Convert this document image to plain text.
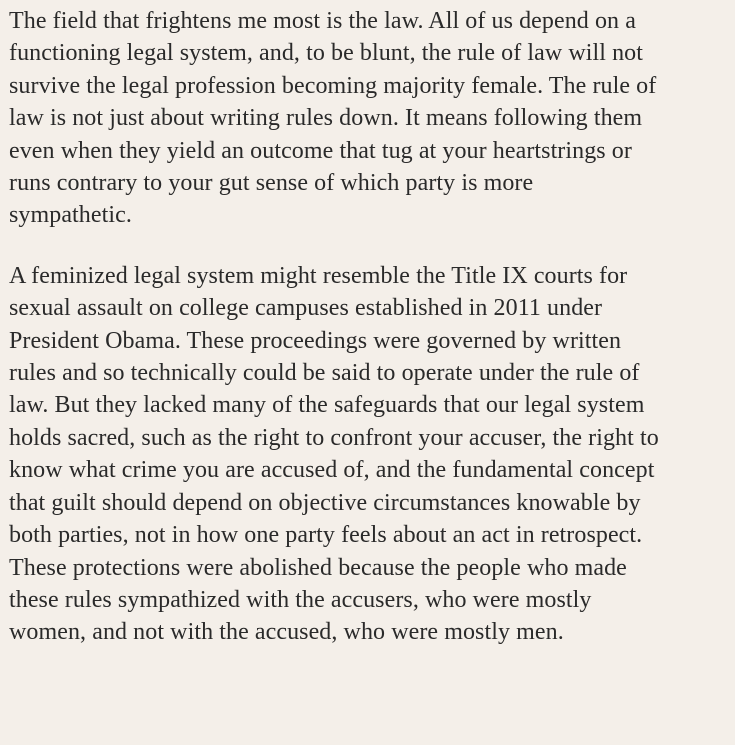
The field that frightens me most is the law. All of us depend on a
functioning legal system, and, to be blunt, the rule of law will not
survive the legal profession becoming majority female. The rule of
law is not just about writing rules down. It means following them
even when they yield an outcome that tug at your heartstrings or
runs contrary to your gut sense of which party is more
sympathetic.

A feminized legal system might resemble the Title IX courts for
sexual assault on college campuses established in 2011 under
President Obama. These proceedings were governed by written
rules and so technically could be said to operate under the rule of
law. But they lacked many of the safeguards that our legal system
holds sacred, such as the right to confront your accuser, the right to
know what crime you are accused of, and the fundamental concept
that guilt should depend on objective circumstances knowable by
both parties, not in how one party feels about an act in retrospect.
These protections were abolished because the people who made
these rules sympathized with the accusers, who were mostly
women, and not with the accused, who were mostly men.
